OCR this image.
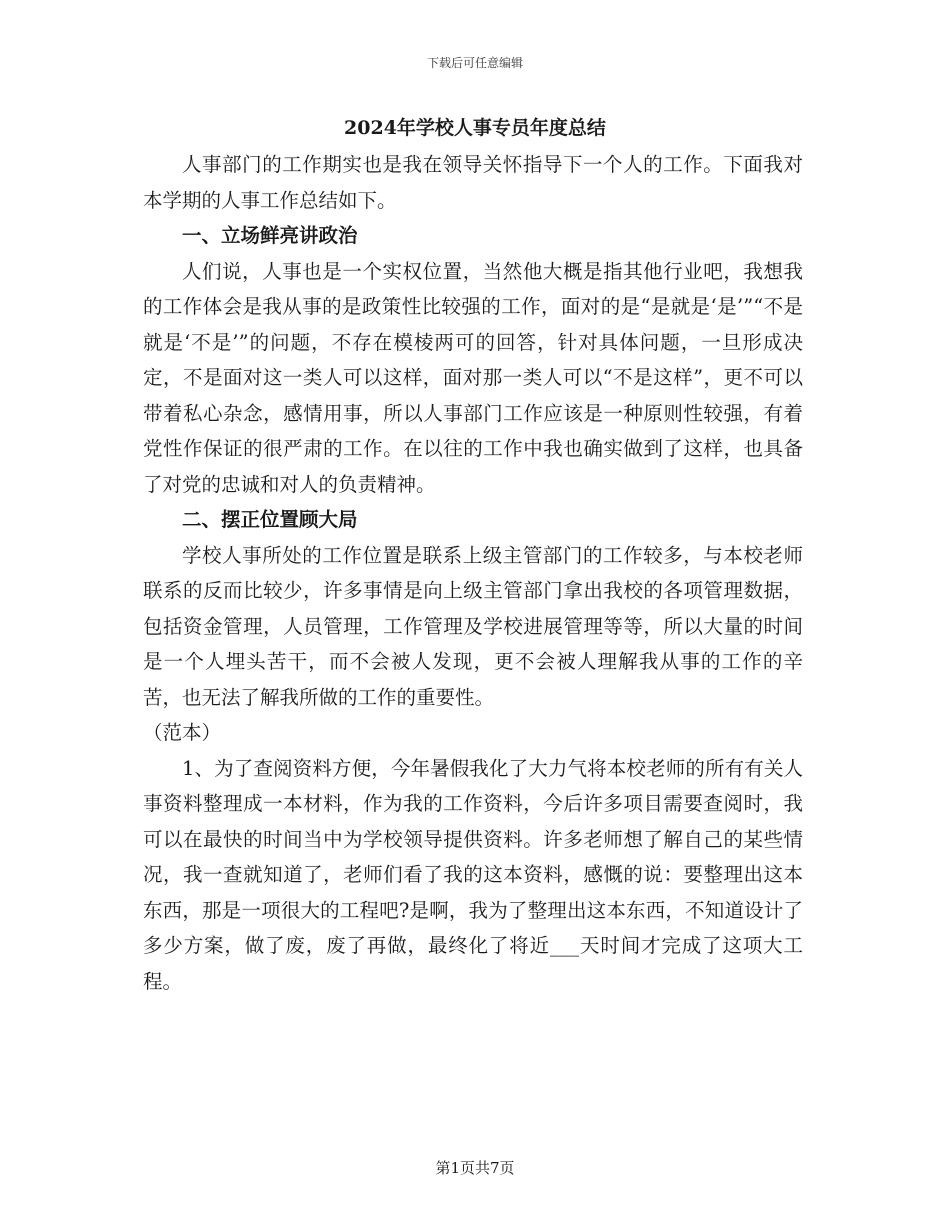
下载后可任意编辑
2024年学校人事专员年度总结

人事部门的工作期实也是我在领导关怀指导下一个人的工作。下面我对本学期的人事工作总结如下。

一、立场鲜亮讲政治

人们说，人事也是一个实权位置，当然他大概是指其他行业吧，我想我的工作体会是我从事的是政策性比较强的工作，面对的是“是就是‘是’”“不是就是‘不是’”的问题，不存在模棱两可的回答，针对具体问题，一旦形成决定，不是面对这一类人可以这样，面对那一类人可以“不是这样”，更不可以带着私心杂念，感情用事，所以人事部门工作应该是一种原则性较强，有着党性作保证的很严肃的工作。在以往的工作中我也确实做到了这样，也具备了对党的忠诚和对人的负责精神。

二、摆正位置顾大局

学校人事所处的工作位置是联系上级主管部门的工作较多，与本校老师联系的反而比较少，许多事情是向上级主管部门拿出我校的各项管理数据，包括资金管理，人员管理，工作管理及学校进展管理等等，所以大量的时间是一个人埋头苦干，而不会被人发现，更不会被人理解我从事的工作的辛苦，也无法了解我所做的工作的重要性。

（范本）

1、为了查阅资料方便，今年暑假我化了大力气将本校老师的所有有关人事资料整理成一本材料，作为我的工作资料，今后许多项目需要查阅时，我可以在最快的时间当中为学校领导提供资料。许多老师想了解自己的某些情况，我一查就知道了，老师们看了我的这本资料，感慨的说：要整理出这本东西，那是一项很大的工程吧?是啊，我为了整理出这本东西，不知道设计了多少方案，做了废，废了再做，最终化了将近___天时间才完成了这项大工程。

第1页共7页
